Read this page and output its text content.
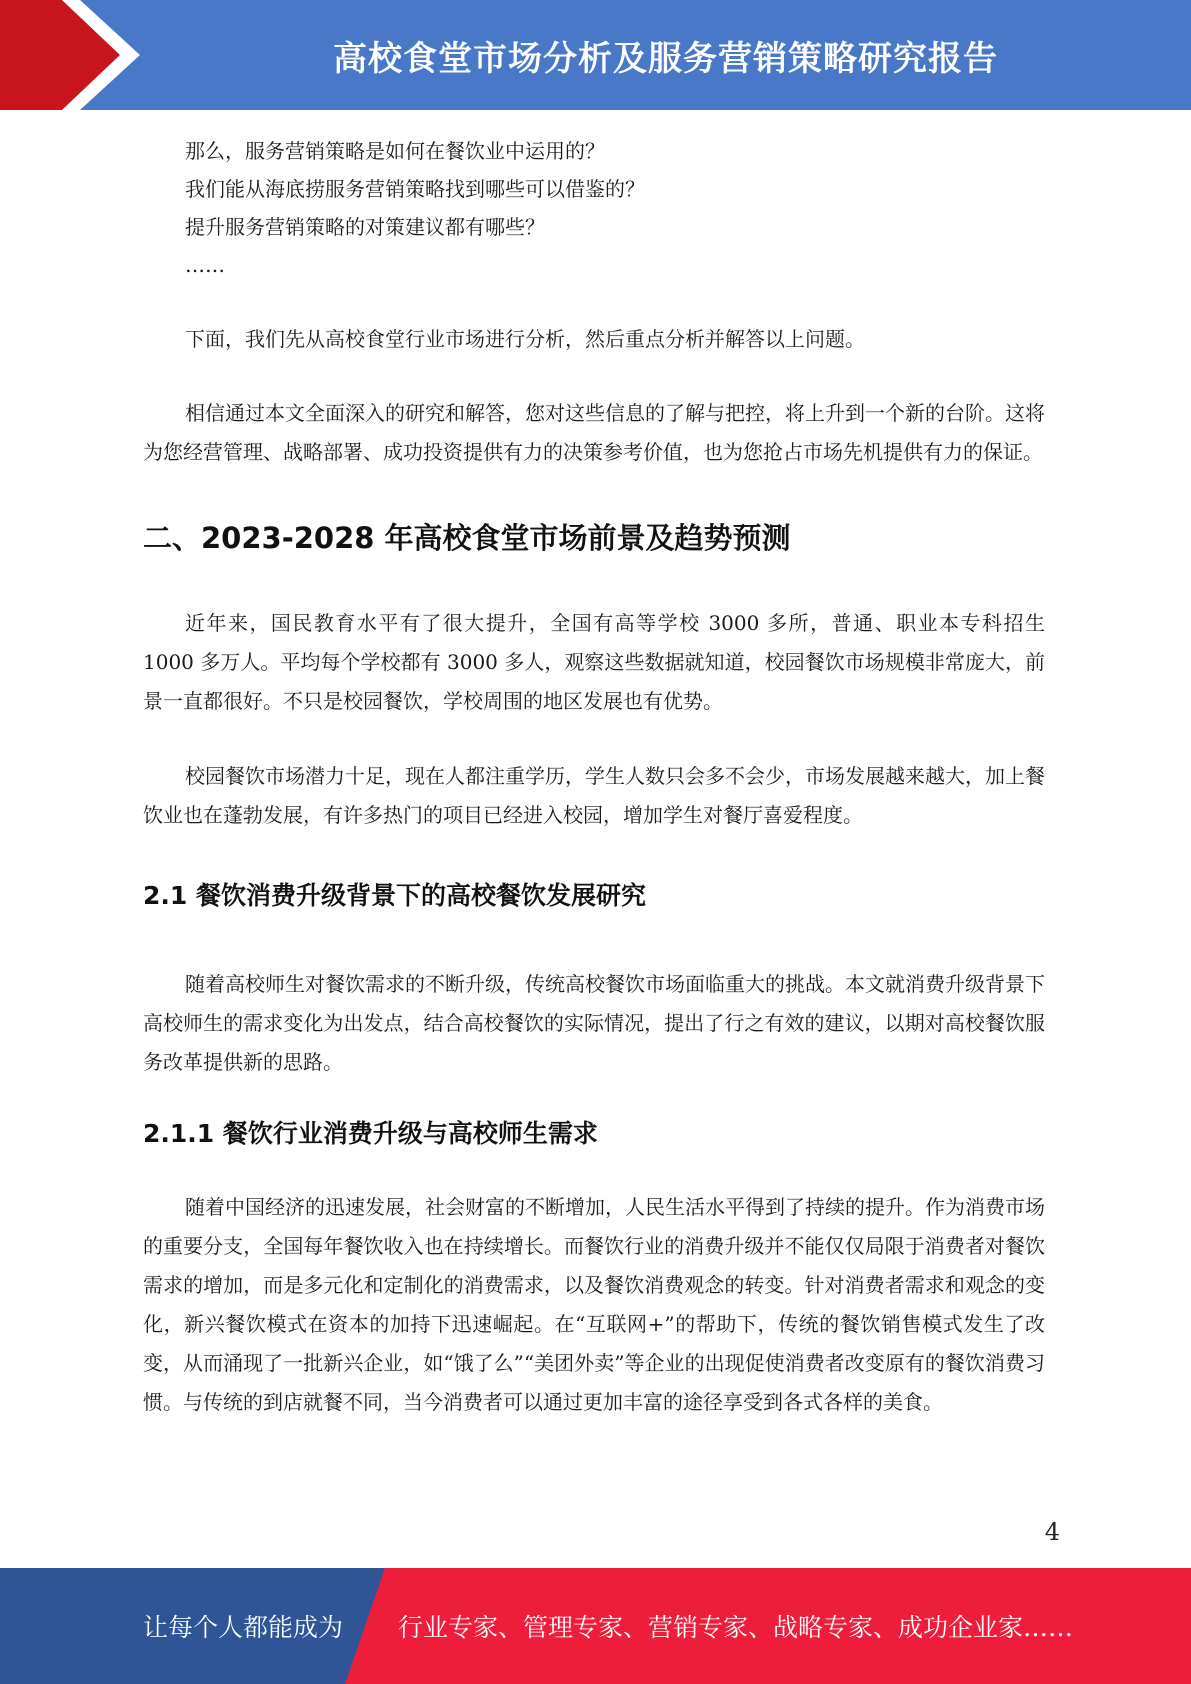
高校食堂市场分析及服务营销策略研究报告

那么，服务营销策略是如何在餐饮业中运用的？

我们能从海底捞服务营销策略找到哪些可以借鉴的？

提升服务营销策略的对策建议都有哪些？

……

下面，我们先从高校食堂行业市场进行分析，然后重点分析并解答以上问题。

相信通过本文全面深入的研究和解答，您对这些信息的了解与把控，将上升到一个新的台阶。这将为您经营管理、战略部署、成功投资提供有力的决策参考价值，也为您抢占市场先机提供有力的保证。

二、2023-2028 年高校食堂市场前景及趋势预测

近年来，国民教育水平有了很大提升，全国有高等学校 3000 多所，普通、职业本专科招生 1000 多万人。平均每个学校都有 3000 多人，观察这些数据就知道，校园餐饮市场规模非常庞大，前景一直都很好。不只是校园餐饮，学校周围的地区发展也有优势。

校园餐饮市场潜力十足，现在人都注重学历，学生人数只会多不会少，市场发展越来越大，加上餐饮业也在蓬勃发展，有许多热门的项目已经进入校园，增加学生对餐厅喜爱程度。

2.1 餐饮消费升级背景下的高校餐饮发展研究

随着高校师生对餐饮需求的不断升级，传统高校餐饮市场面临重大的挑战。本文就消费升级背景下高校师生的需求变化为出发点，结合高校餐饮的实际情况，提出了行之有效的建议，以期对高校餐饮服务改革提供新的思路。

2.1.1 餐饮行业消费升级与高校师生需求

随着中国经济的迅速发展，社会财富的不断增加，人民生活水平得到了持续的提升。作为消费市场的重要分支，全国每年餐饮收入也在持续增长。而餐饮行业的消费升级并不能仅仅局限于消费者对餐饮需求的增加，而是多元化和定制化的消费需求，以及餐饮消费观念的转变。针对消费者需求和观念的变化，新兴餐饮模式在资本的加持下迅速崛起。在“互联网+”的帮助下，传统的餐饮销售模式发生了改变，从而涌现了一批新兴企业，如“饿了么”“美团外卖”等企业的出现促使消费者改变原有的餐饮消费习惯。与传统的到店就餐不同，当今消费者可以通过更加丰富的途径享受到各式各样的美食。

4
让每个人都能成为 行业专家、管理专家、营销专家、战略专家、成功企业家……
